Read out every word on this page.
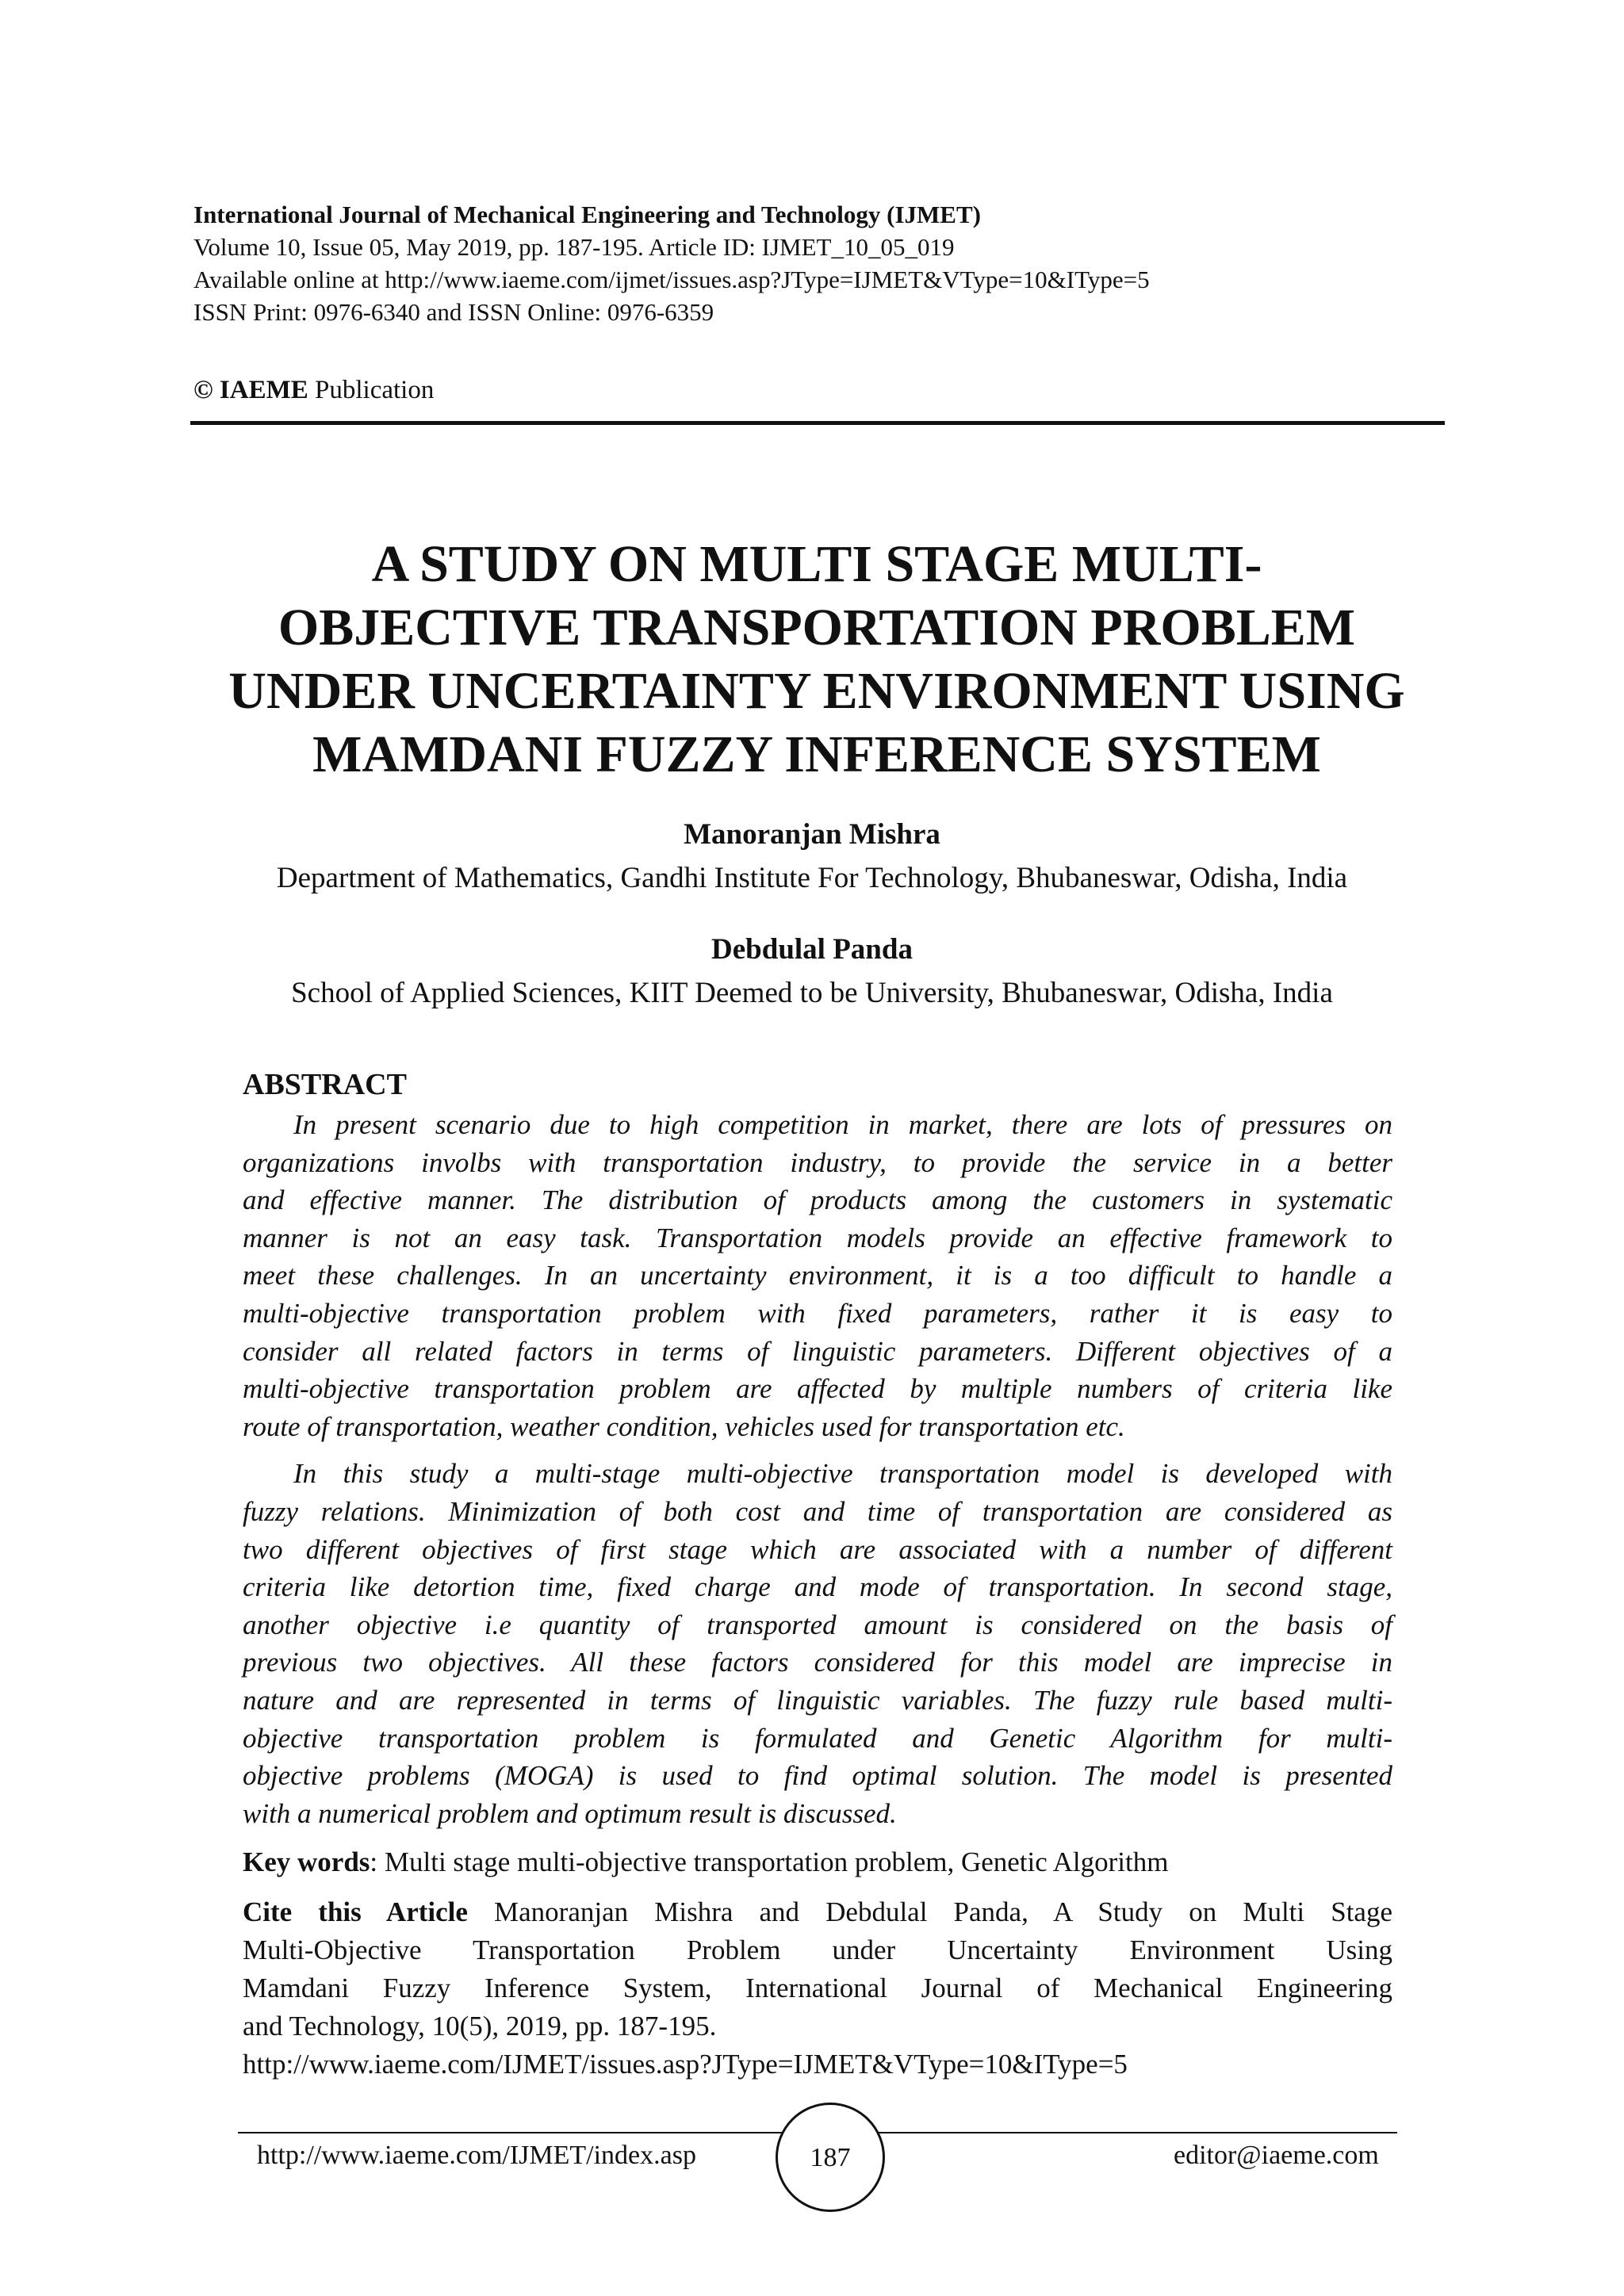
International Journal of Mechanical Engineering and Technology (IJMET)
Volume 10, Issue 05, May 2019, pp. 187-195. Article ID: IJMET_10_05_019
Available online at http://www.iaeme.com/ijmet/issues.asp?JType=IJMET&VType=10&IType=5
ISSN Print: 0976-6340 and ISSN Online: 0976-6359
© IAEME Publication
A STUDY ON MULTI STAGE MULTI-
OBJECTIVE TRANSPORTATION PROBLEM
UNDER UNCERTAINTY ENVIRONMENT USING
MAMDANI FUZZY INFERENCE SYSTEM
Manoranjan Mishra
Department of Mathematics, Gandhi Institute For Technology, Bhubaneswar, Odisha, India
Debdulal Panda
School of Applied Sciences, KIIT Deemed to be University, Bhubaneswar, Odisha, India
ABSTRACT

In present scenario due to high competition in market, there are lots of pressures on
organizations involbs with transportation industry, to provide the service in a better
and effective manner. The distribution of products among the customers in systematic
manner is not an easy task. Transportation models provide an effective framework to
meet these challenges. In an uncertainty environment, it is a too difficult to handle a
multi-objective transportation problem with fixed parameters, rather it is easy to
consider all related factors in terms of linguistic parameters. Different objectives of a
multi-objective transportation problem are affected by multiple numbers of criteria like
route of transportation, weather condition, vehicles used for transportation etc.

In this study a multi-stage multi-objective transportation model is developed with
fuzzy relations. Minimization of both cost and time of transportation are considered as
two different objectives of first stage which are associated with a number of different
criteria like detortion time, fixed charge and mode of transportation. In second stage,
another objective i.e quantity of transported amount is considered on the basis of
previous two objectives. All these factors considered for this model are imprecise in
nature and are represented in terms of linguistic variables. The fuzzy rule based multi-
objective transportation problem is formulated and Genetic Algorithm for multi-
objective problems (MOGA) is used to find optimal solution. The model is presented
with a numerical problem and optimum result is discussed.

Key words: Multi stage multi-objective transportation problem, Genetic Algorithm
Cite this Article Manoranjan Mishra and Debdulal Panda, A Study on Multi Stage
Multi-Objective Transportation Problem under Uncertainty Environment Using
Mamdani Fuzzy Inference System, International Journal of Mechanical Engineering
and Technology, 10(5), 2019, pp. 187-195.
http://www.iaeme.com/IJMET/issues.asp?JType=IJMET&VType=10&IType=5
http://www.iaeme.com/IJMET/index.asp	187	editor@iaeme.com
